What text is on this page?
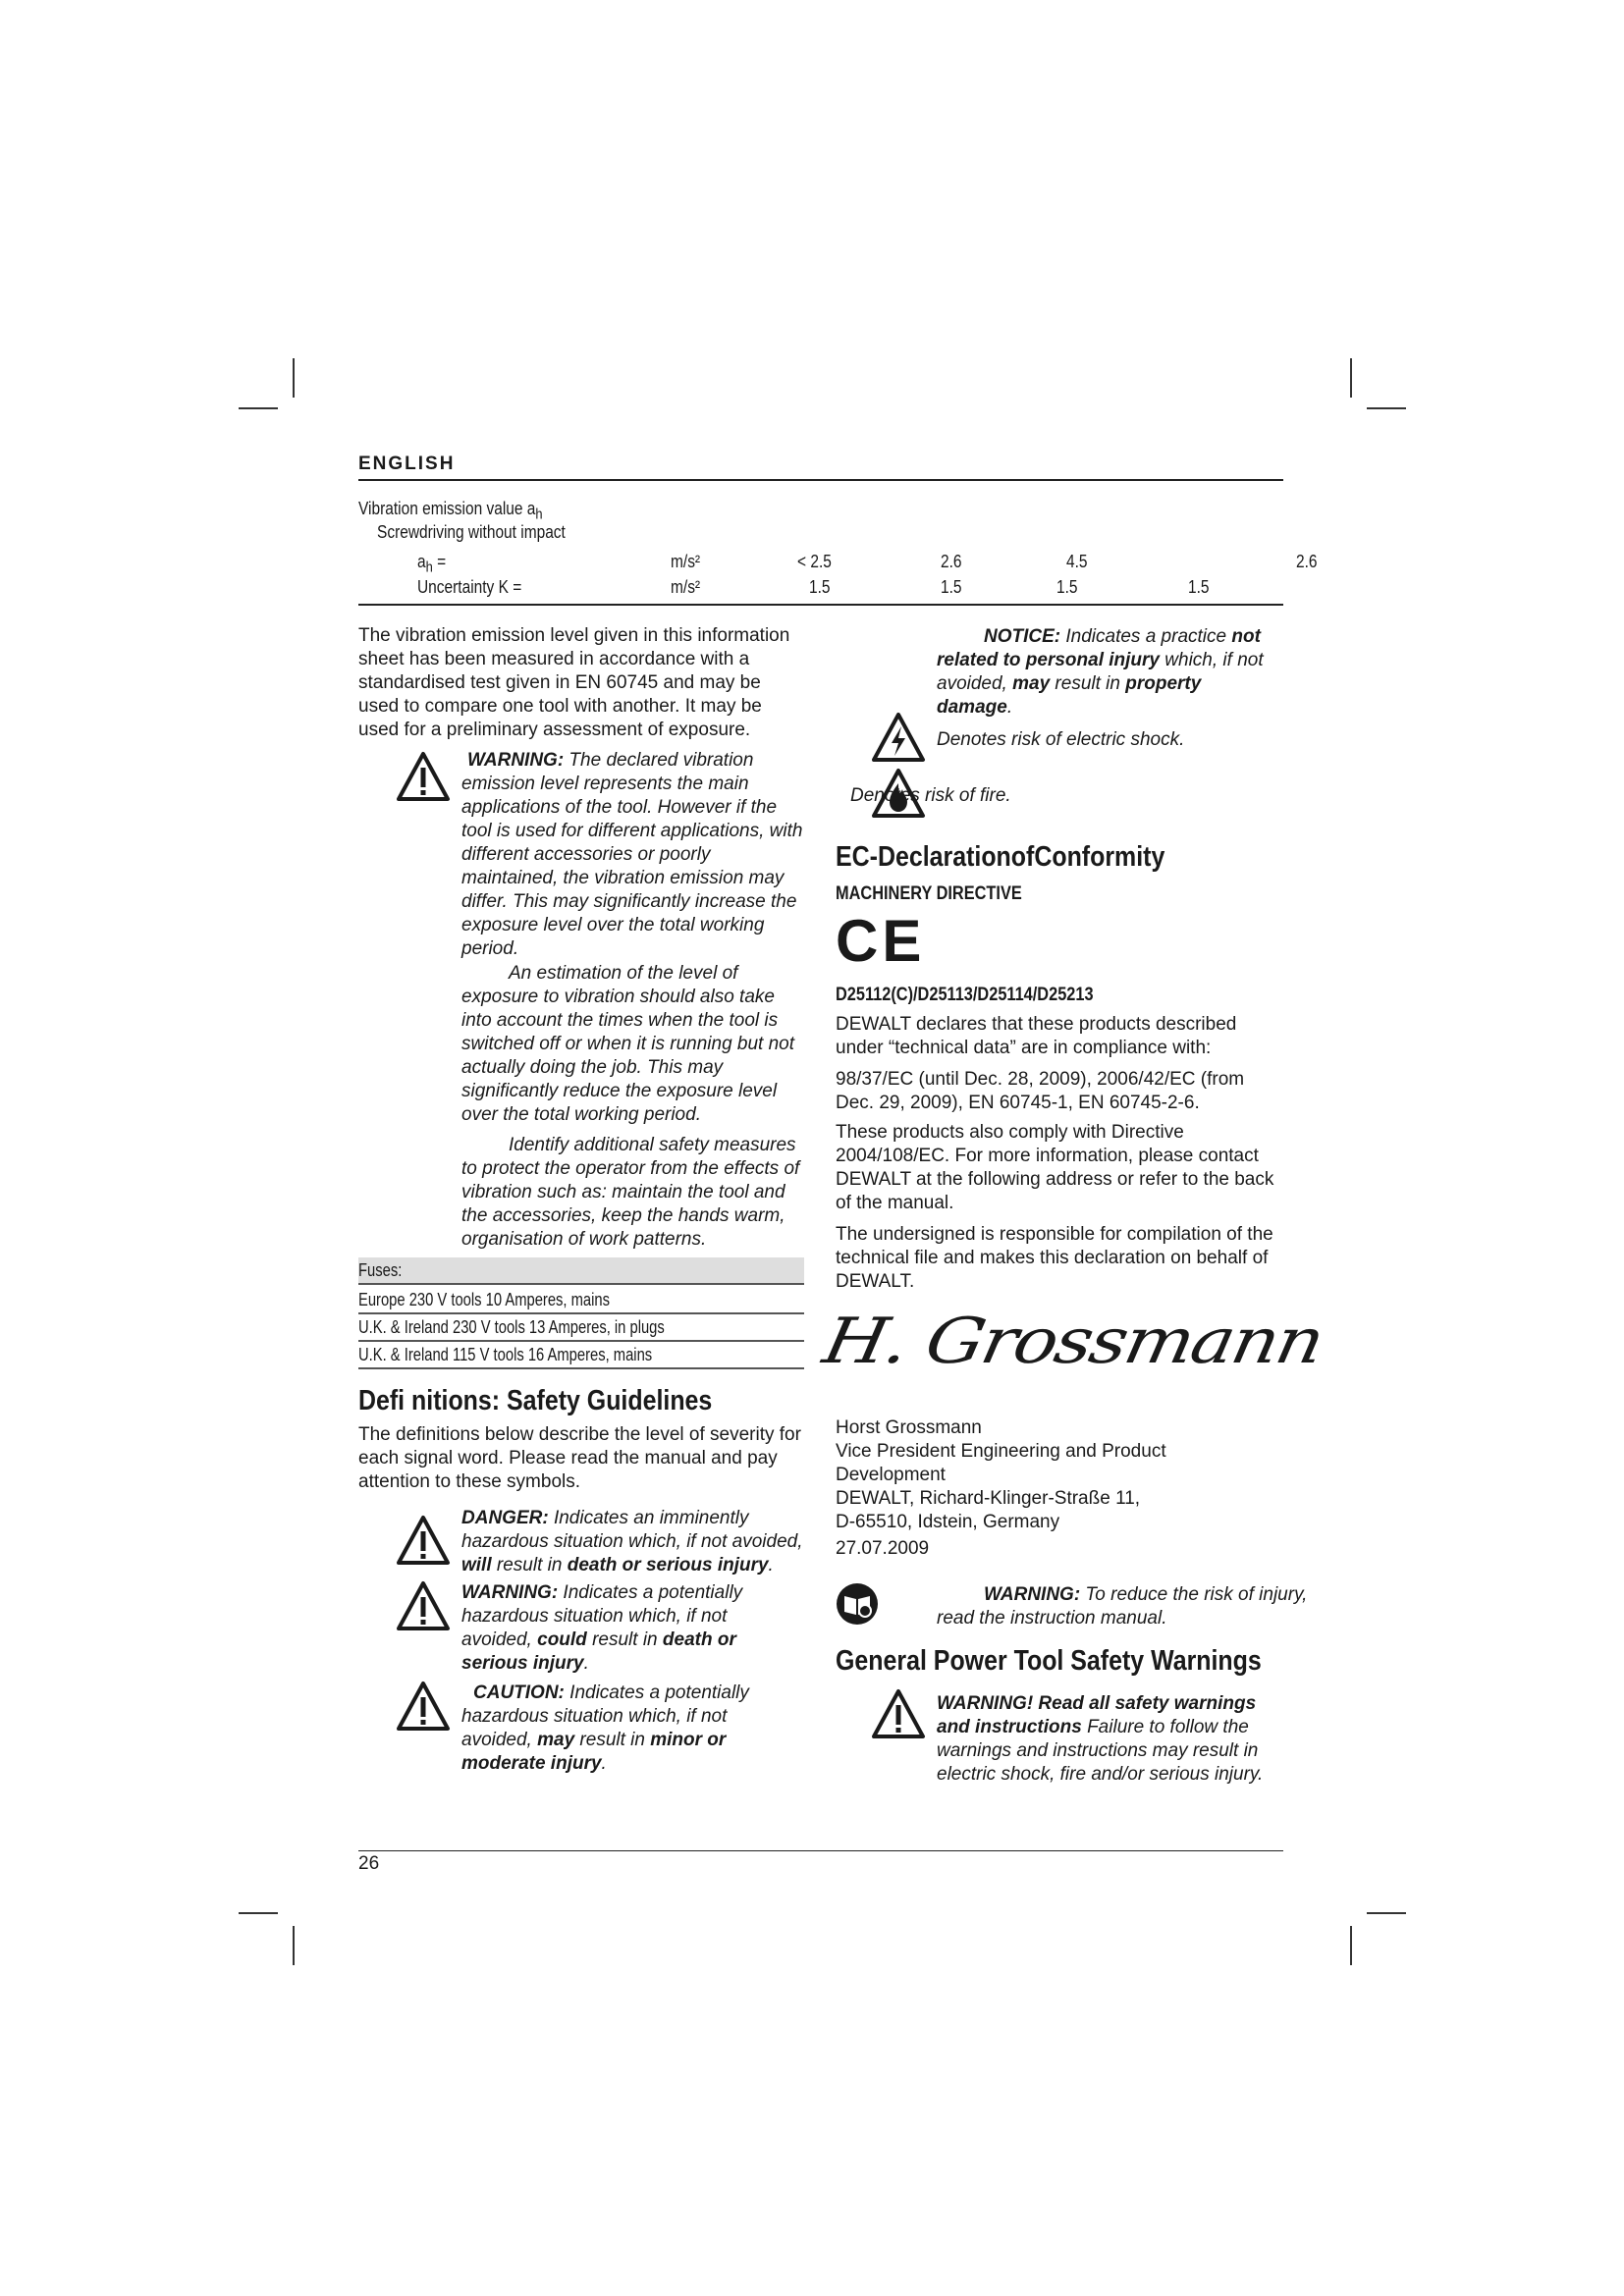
ENGLISH
Vibration emission value $a_h$
Screwdriving without impact
$a_h$ =	m/s²	< 2.5	2.6	4.5	2.6
Uncertainty K =	m/s²	1.5	1.5	1.5	1.5
The vibration emission level given in this information sheet has been measured in accordance with a standardised test given in EN 60745 and may be used to compare one tool with another. It may be used for a preliminary assessment of exposure.
WARNING: The declared vibration emission level represents the main applications of the tool. However if the tool is used for different applications, with different accessories or poorly maintained, the vibration emission may differ. This may significantly increase the exposure level over the total working period.
An estimation of the level of exposure to vibration should also take into account the times when the tool is switched off or when it is running but not actually doing the job. This may significantly reduce the exposure level over the total working period.
Identify additional safety measures to protect the operator from the effects of vibration such as: maintain the tool and the accessories, keep the hands warm, organisation of work patterns.
Fuses:
Europe 230 V tools 10 Amperes, mains
U.K. & Ireland 230 V tools 13 Amperes, in plugs
U.K. & Ireland 115 V tools 16 Amperes, mains
Defi nitions: Safety Guidelines
The definitions below describe the level of severity for each signal word. Please read the manual and pay attention to these symbols.
DANGER: Indicates an imminently hazardous situation which, if not avoided, will result in death or serious injury.
WARNING: Indicates a potentially hazardous situation which, if not avoided, could result in death or serious injury.
CAUTION: Indicates a potentially hazardous situation which, if not avoided, may result in minor or moderate injury.
NOTICE: Indicates a practice not related to personal injury which, if not avoided, may result in property damage.
Denotes risk of electric shock.
Denotes risk of fire.
EC-DeclarationofConformity
MACHINERY DIRECTIVE
CE
D25112(C)/D25113/D25114/D25213
DEWALT declares that these products described under “technical data” are in compliance with:
98/37/EC (until Dec. 28, 2009), 2006/42/EC (from Dec. 29, 2009), EN 60745-1, EN 60745-2-6.
These products also comply with Directive 2004/108/EC. For more information, please contact DEWALT at the following address or refer to the back of the manual.
The undersigned is responsible for compilation of the technical file and makes this declaration on behalf of DEWALT.
H. Grossmann
Horst Grossmann
Vice President Engineering and Product Development
DEWALT, Richard-Klinger-Straße 11,
D-65510, Idstein, Germany
27.07.2009
WARNING: To reduce the risk of injury, read the instruction manual.
General Power Tool Safety Warnings
WARNING! Read all safety warnings and instructions Failure to follow the warnings and instructions may result in electric shock, fire and/or serious injury.
26
